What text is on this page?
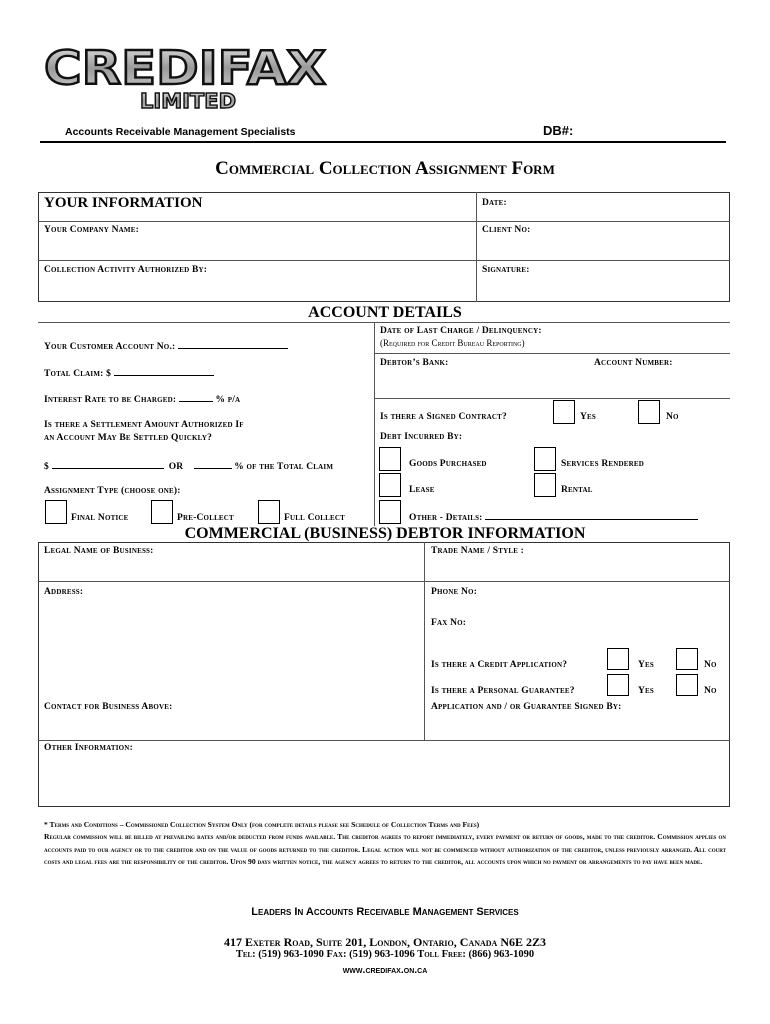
CREDIFAX
LIMITED
Accounts Receivable Management Specialists	DB#:
Commercial Collection Assignment Form
YOUR INFORMATION	Date:
Your Company Name:	Client No:
Collection Activity Authorized By:	Signature:
ACCOUNT DETAILS
Your Customer Account No.:
Total Claim: $
Interest Rate to be Charged:	% p/a
Is there a Settlement Amount Authorized If
an Account May Be Settled Quickly?
$	OR	% of the Total Claim
Assignment Type (choose one):
Final Notice	Pre-Collect	Full Collect
Date of Last Charge / Delinquency:
(Required for Credit Bureau Reporting)
Debtor’s Bank:	Account Number:
Is there a Signed Contract?	Yes	No
Debt Incurred By:
Goods Purchased	Services Rendered
Lease	Rental
Other - Details:
COMMERCIAL (BUSINESS) DEBTOR INFORMATION
Legal Name of Business:	Trade Name / Style :
Address:	Phone No:
Fax No:
Is there a Credit Application?	Yes	No
Is there a Personal Guarantee?	Yes	No
Contact for Business Above:	Application and / or Guarantee Signed By:
Other Information:

* Terms and Conditions – Commissioned Collection System Only (for complete details please see Schedule of Collection Terms and Fees)

Regular commission will be billed at prevailing rates and/or deducted from funds available. The creditor agrees to report immediately, every payment or return of goods, made to the creditor. Commission applies on accounts paid to our agency or to the creditor and on the value of goods returned to the creditor. Legal action will not be commenced without authorization of the creditor, unless previously arranged. All court costs and legal fees are the responsibility of the creditor. Upon 90 days written notice, the agency agrees to return to the creditor, all accounts upon which no payment or arrangements to pay have been made.

Leaders In Accounts Receivable Management Services
417 Exeter Road, Suite 201, London, Ontario, Canada N6E 2Z3
Tel: (519) 963-1090 Fax: (519) 963-1096 Toll Free: (866) 963-1090
www.credifax.on.ca
